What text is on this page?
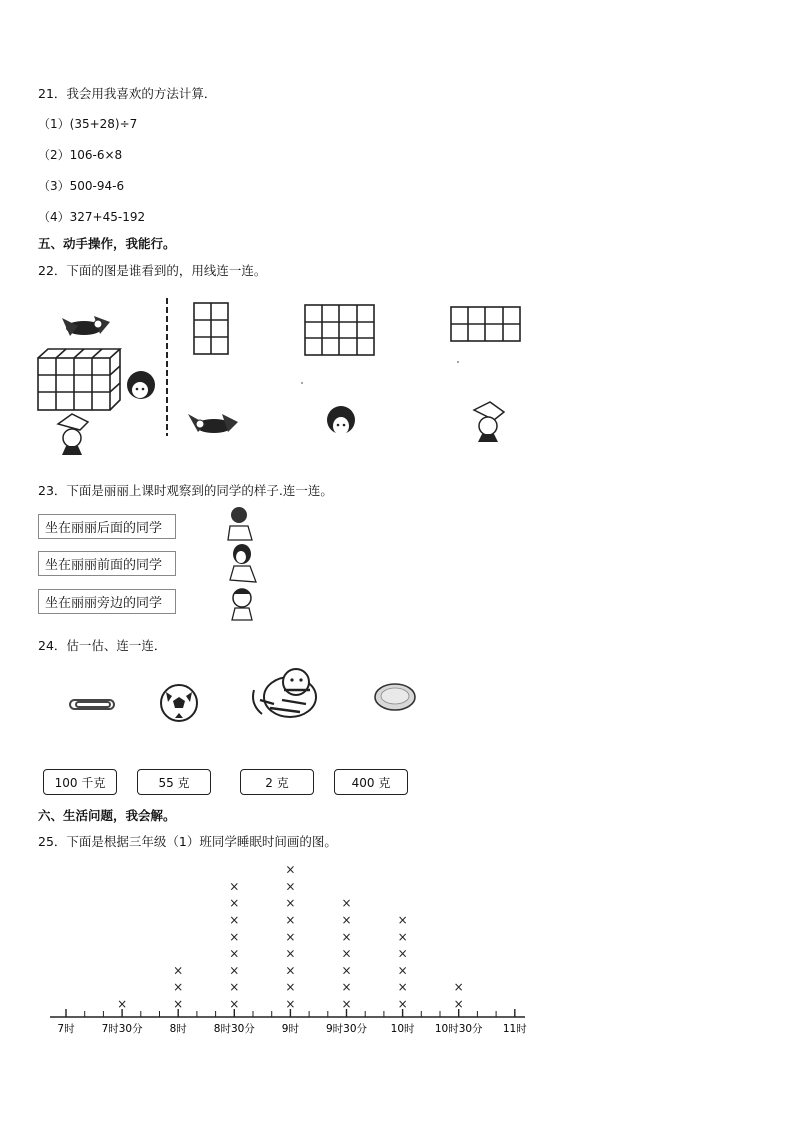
21．我会用我喜欢的方法计算．
（1）(35+28)÷7
（2）106-6×8
（3）500-94-6
（4）327+45-192
五、动手操作，我能行。
22．下面的图是谁看到的，用线连一连。
23．下面是丽丽上课时观察到的同学的样子.连一连。
坐在丽丽后面的同学
坐在丽丽前面的同学
坐在丽丽旁边的同学
24．估一估、连一连．
100 千克	55 克	2 克	400 克
六、生活问题，我会解。
25．下面是根据三年级（1）班同学睡眠时间画的图。
7时	7时30分
×
8时
×
×
×
8时30分
×
×
×
×
×
×
×
×
9时
×
×
×
×
×
×
×
×
×
9时30分
×
×
×
×
×
×
×
10时
×
×
×
×
×
×
10时30分
×
×
11时
